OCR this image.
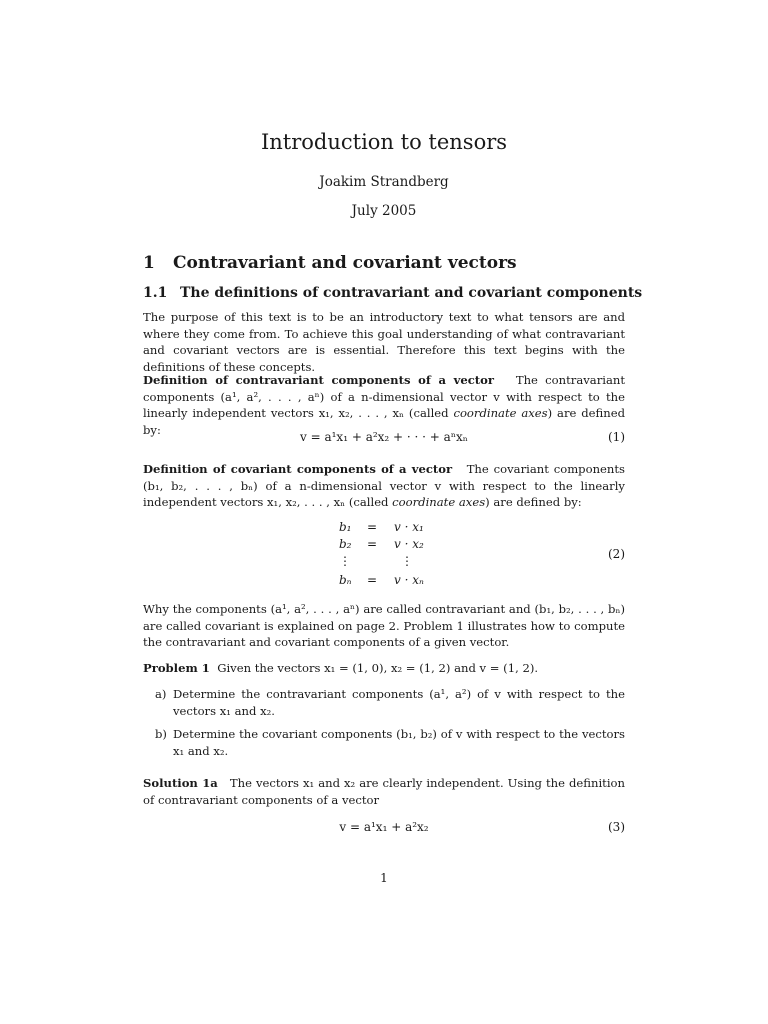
Introduction to tensors
Joakim Strandberg
July 2005
1 Contravariant and covariant vectors
1.1 The definitions of contravariant and covariant components
The purpose of this text is to be an introductory text to what tensors are and where they come from. To achieve this goal understanding of what contravariant and covariant vectors are is essential. Therefore this text begins with the definitions of these concepts.
Definition of contravariant components of a vector The contravariant components (a¹, a², . . . , aⁿ) of a n-dimensional vector v with respect to the linearly independent vectors x₁, x₂, . . . , xₙ (called coordinate axes) are defined by:
v = a¹x₁ + a²x₂ + · · · + aⁿxₙ	(1)
Definition of covariant components of a vector The covariant components (b₁, b₂, . . . , bₙ) of a n-dimensional vector v with respect to the linearly independent vectors x₁, x₂, . . . , xₙ (called coordinate axes) are defined by:
b₁ = v · x₁
b₂ = v · x₂
⋮	⋮
bₙ = v · xₙ
(2)
Why the components (a¹, a², . . . , aⁿ) are called contravariant and (b₁, b₂, . . . , bₙ) are called covariant is explained on page 2. Problem 1 illustrates how to compute the contravariant and covariant components of a given vector.
Problem 1 Given the vectors x₁ = (1, 0), x₂ = (1, 2) and v = (1, 2).
a) Determine the contravariant components (a¹, a²) of v with respect to the vectors x₁ and x₂.
b) Determine the covariant components (b₁, b₂) of v with respect to the vectors x₁ and x₂.
Solution 1a The vectors x₁ and x₂ are clearly independent. Using the definition of contravariant components of a vector
v = a¹x₁ + a²x₂	(3)
1
